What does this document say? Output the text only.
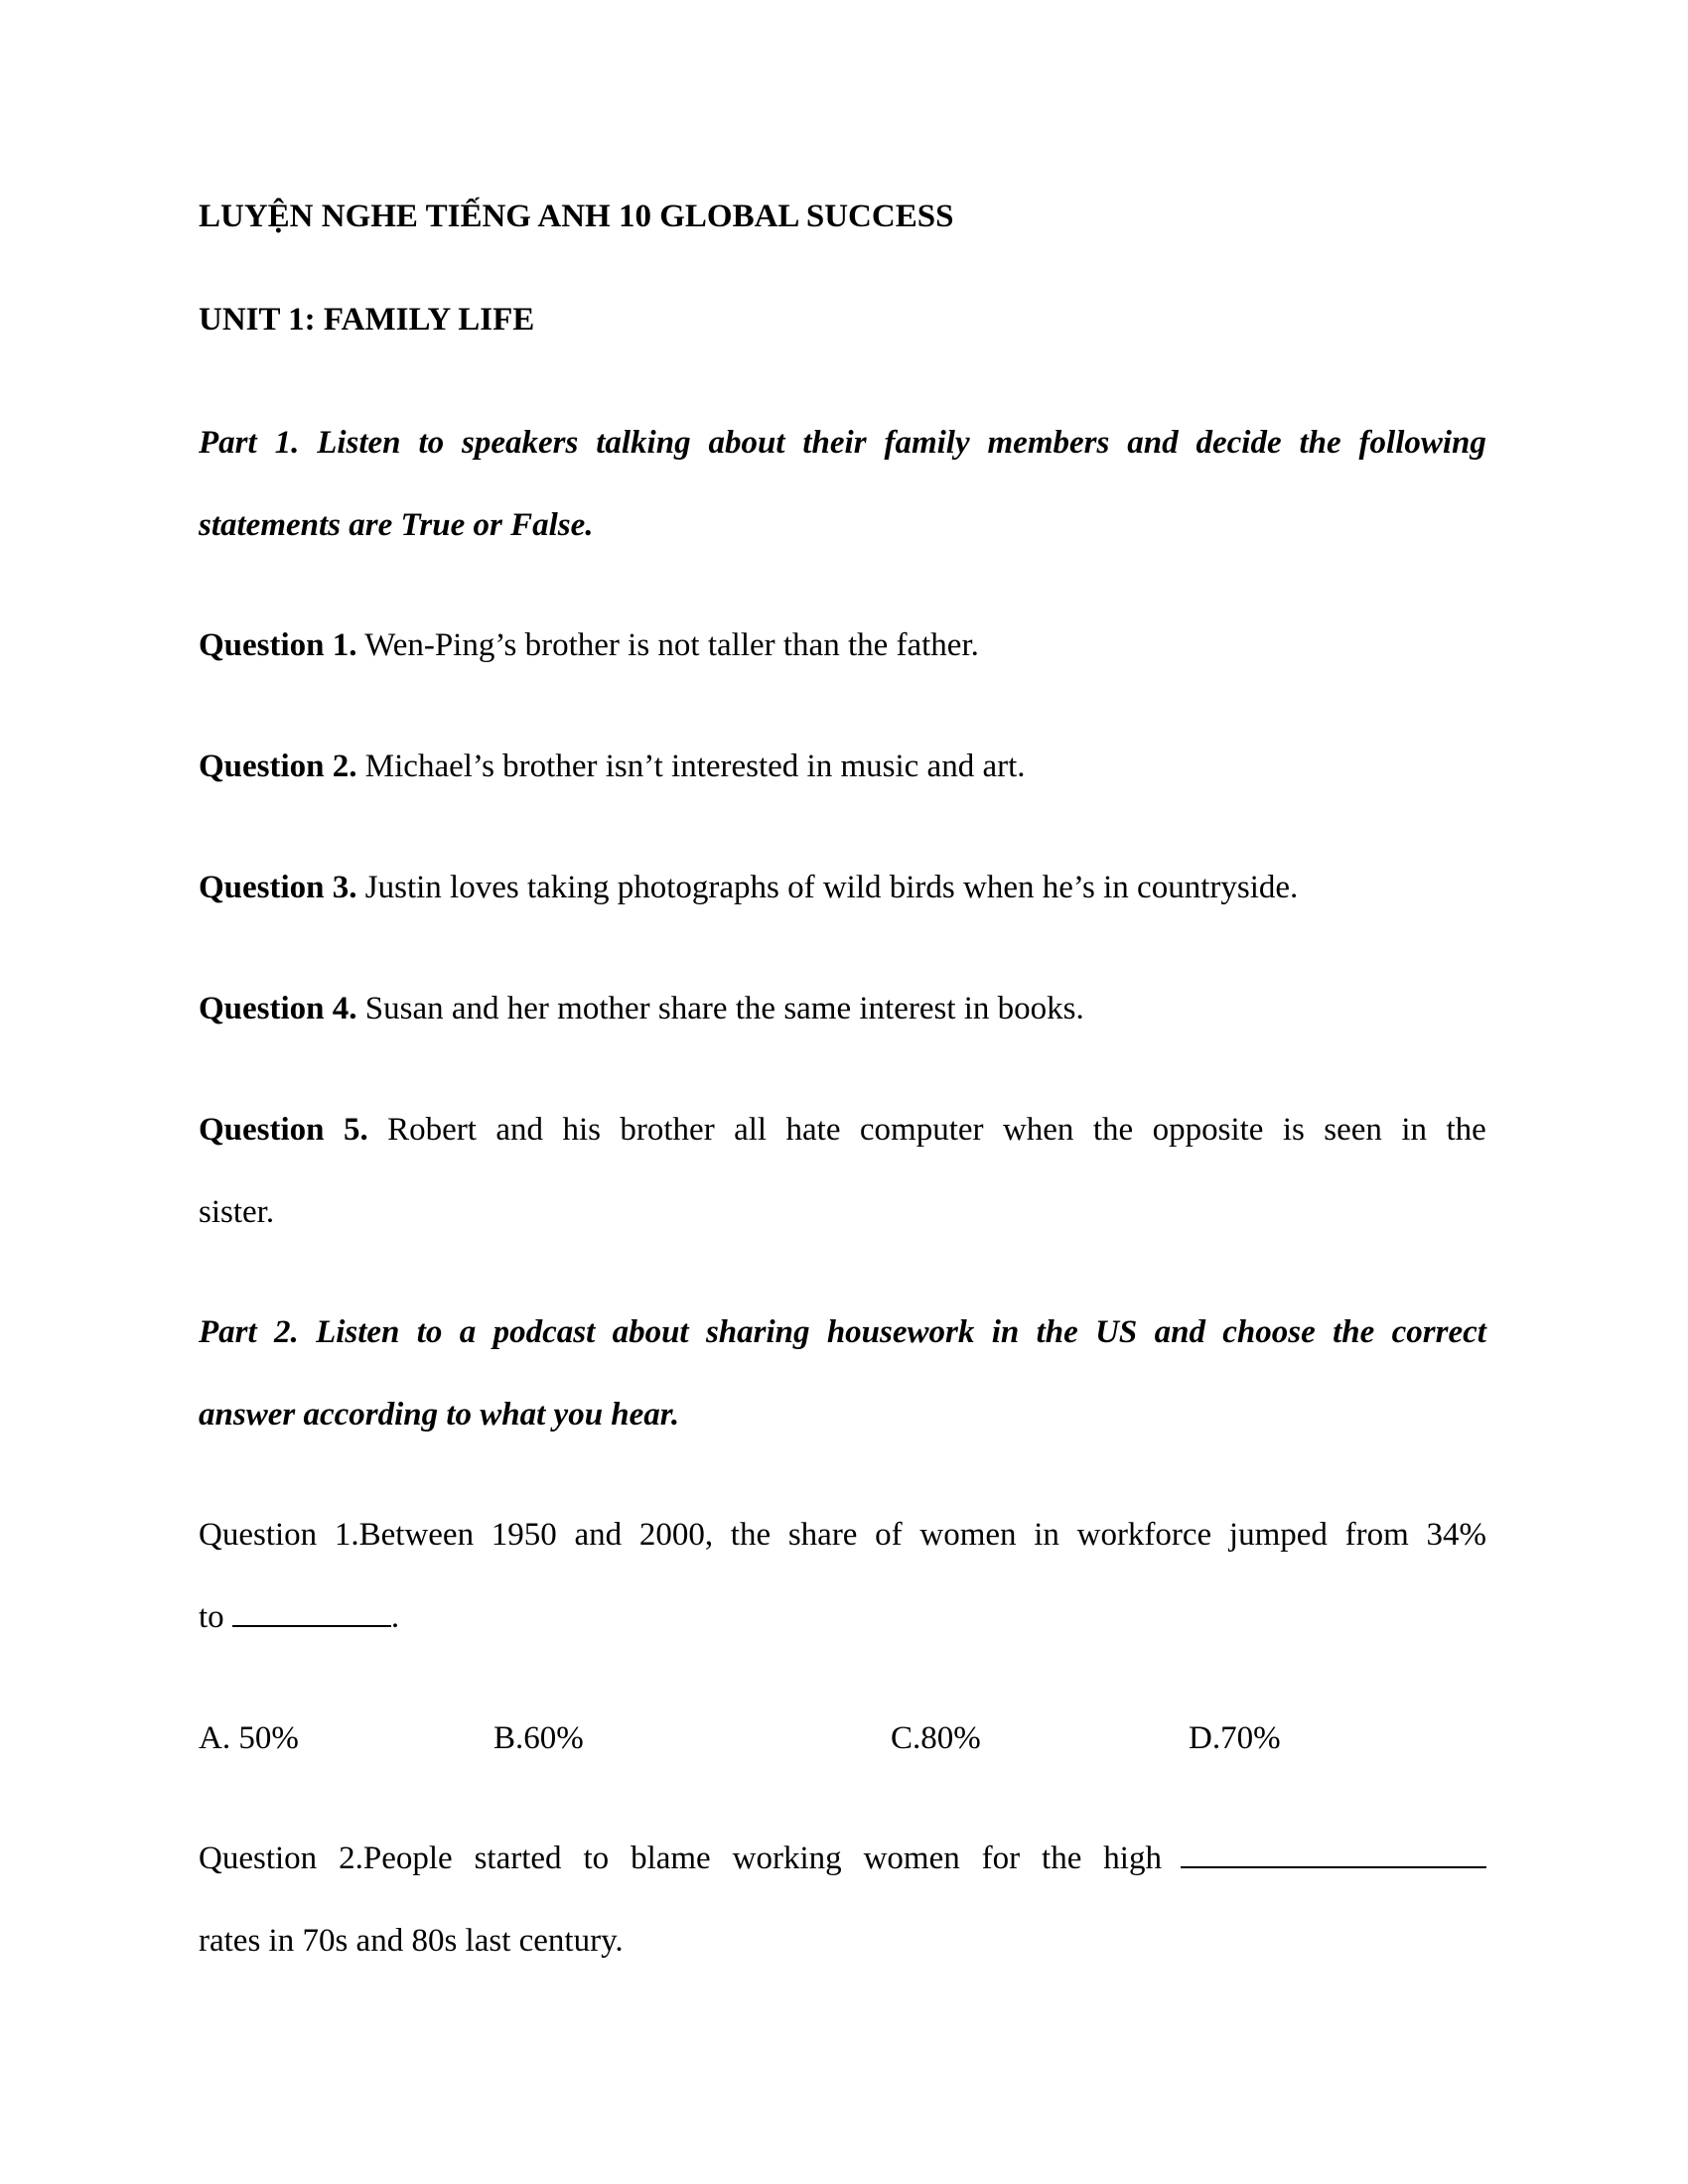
LUYỆN NGHE TIẾNG ANH 10 GLOBAL SUCCESS
UNIT 1: FAMILY LIFE
Part 1. Listen to speakers talking about their family members and decide the following
statements are True or False.
Question 1. Wen-Ping’s brother is not taller than the father.
Question 2. Michael’s brother isn’t interested in music and art.
Question 3. Justin loves taking photographs of wild birds when he’s in countryside.
Question 4. Susan and her mother share the same interest in books.
Question 5. Robert and his brother all hate computer when the opposite is seen in the
sister.
Part 2. Listen to a podcast about sharing housework in the US and choose the correct
answer according to what you hear.
Question 1.Between 1950 and 2000, the share of women in workforce jumped from 34%
to	.
A. 50%	B.60%	C.80%	D.70%
Question 2.People started to blame working women for the high
rates in 70s and 80s last century.
